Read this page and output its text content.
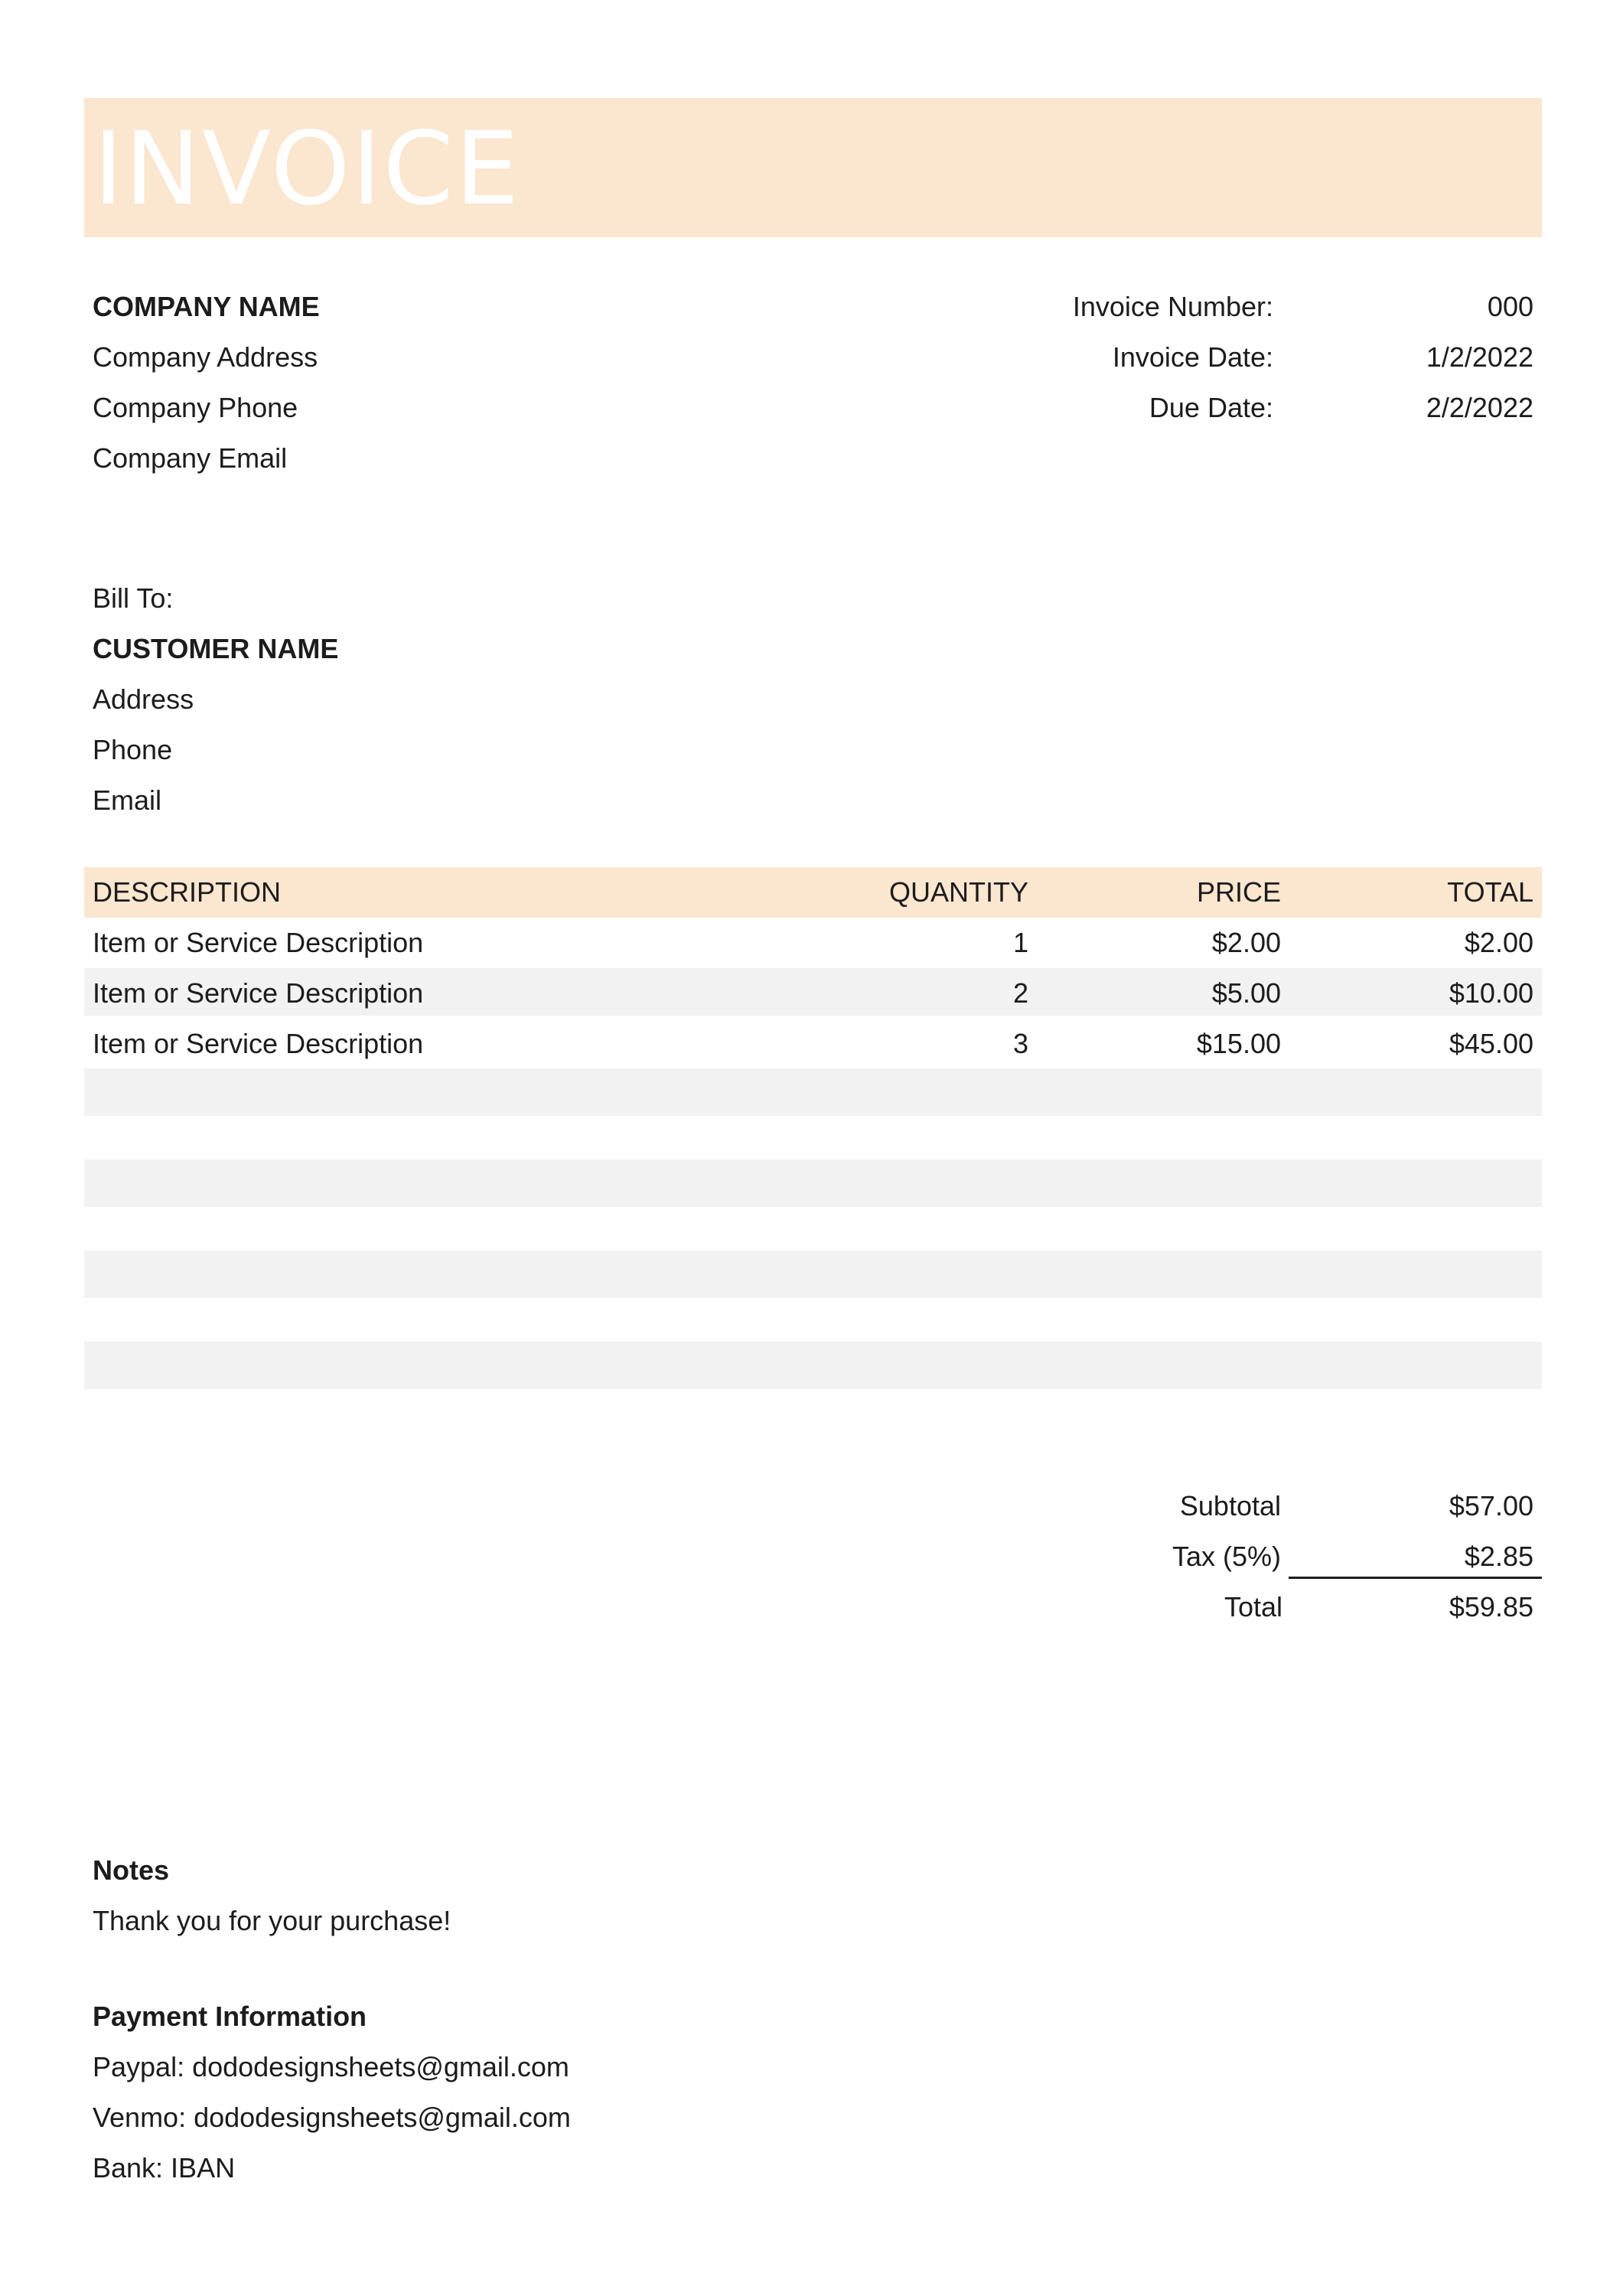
INVOICE
COMPANY NAME
Company Address
Company Phone
Company Email
Invoice Number:	000
Invoice Date:	1/2/2022
Due Date:	2/2/2022
Bill To:
CUSTOMER NAME
Address
Phone
Email
DESCRIPTION	QUANTITY	PRICE	TOTAL
Item or Service Description	1	$2.00	$2.00
Item or Service Description	2	$5.00	$10.00
Item or Service Description	3	$15.00	$45.00
Subtotal	$57.00
Tax (5%)	$2.85
Total	$59.85
Notes
Thank you for your purchase!
Payment Information
Paypal: dododesignsheets@gmail.com
Venmo: dododesignsheets@gmail.com
Bank: IBAN
